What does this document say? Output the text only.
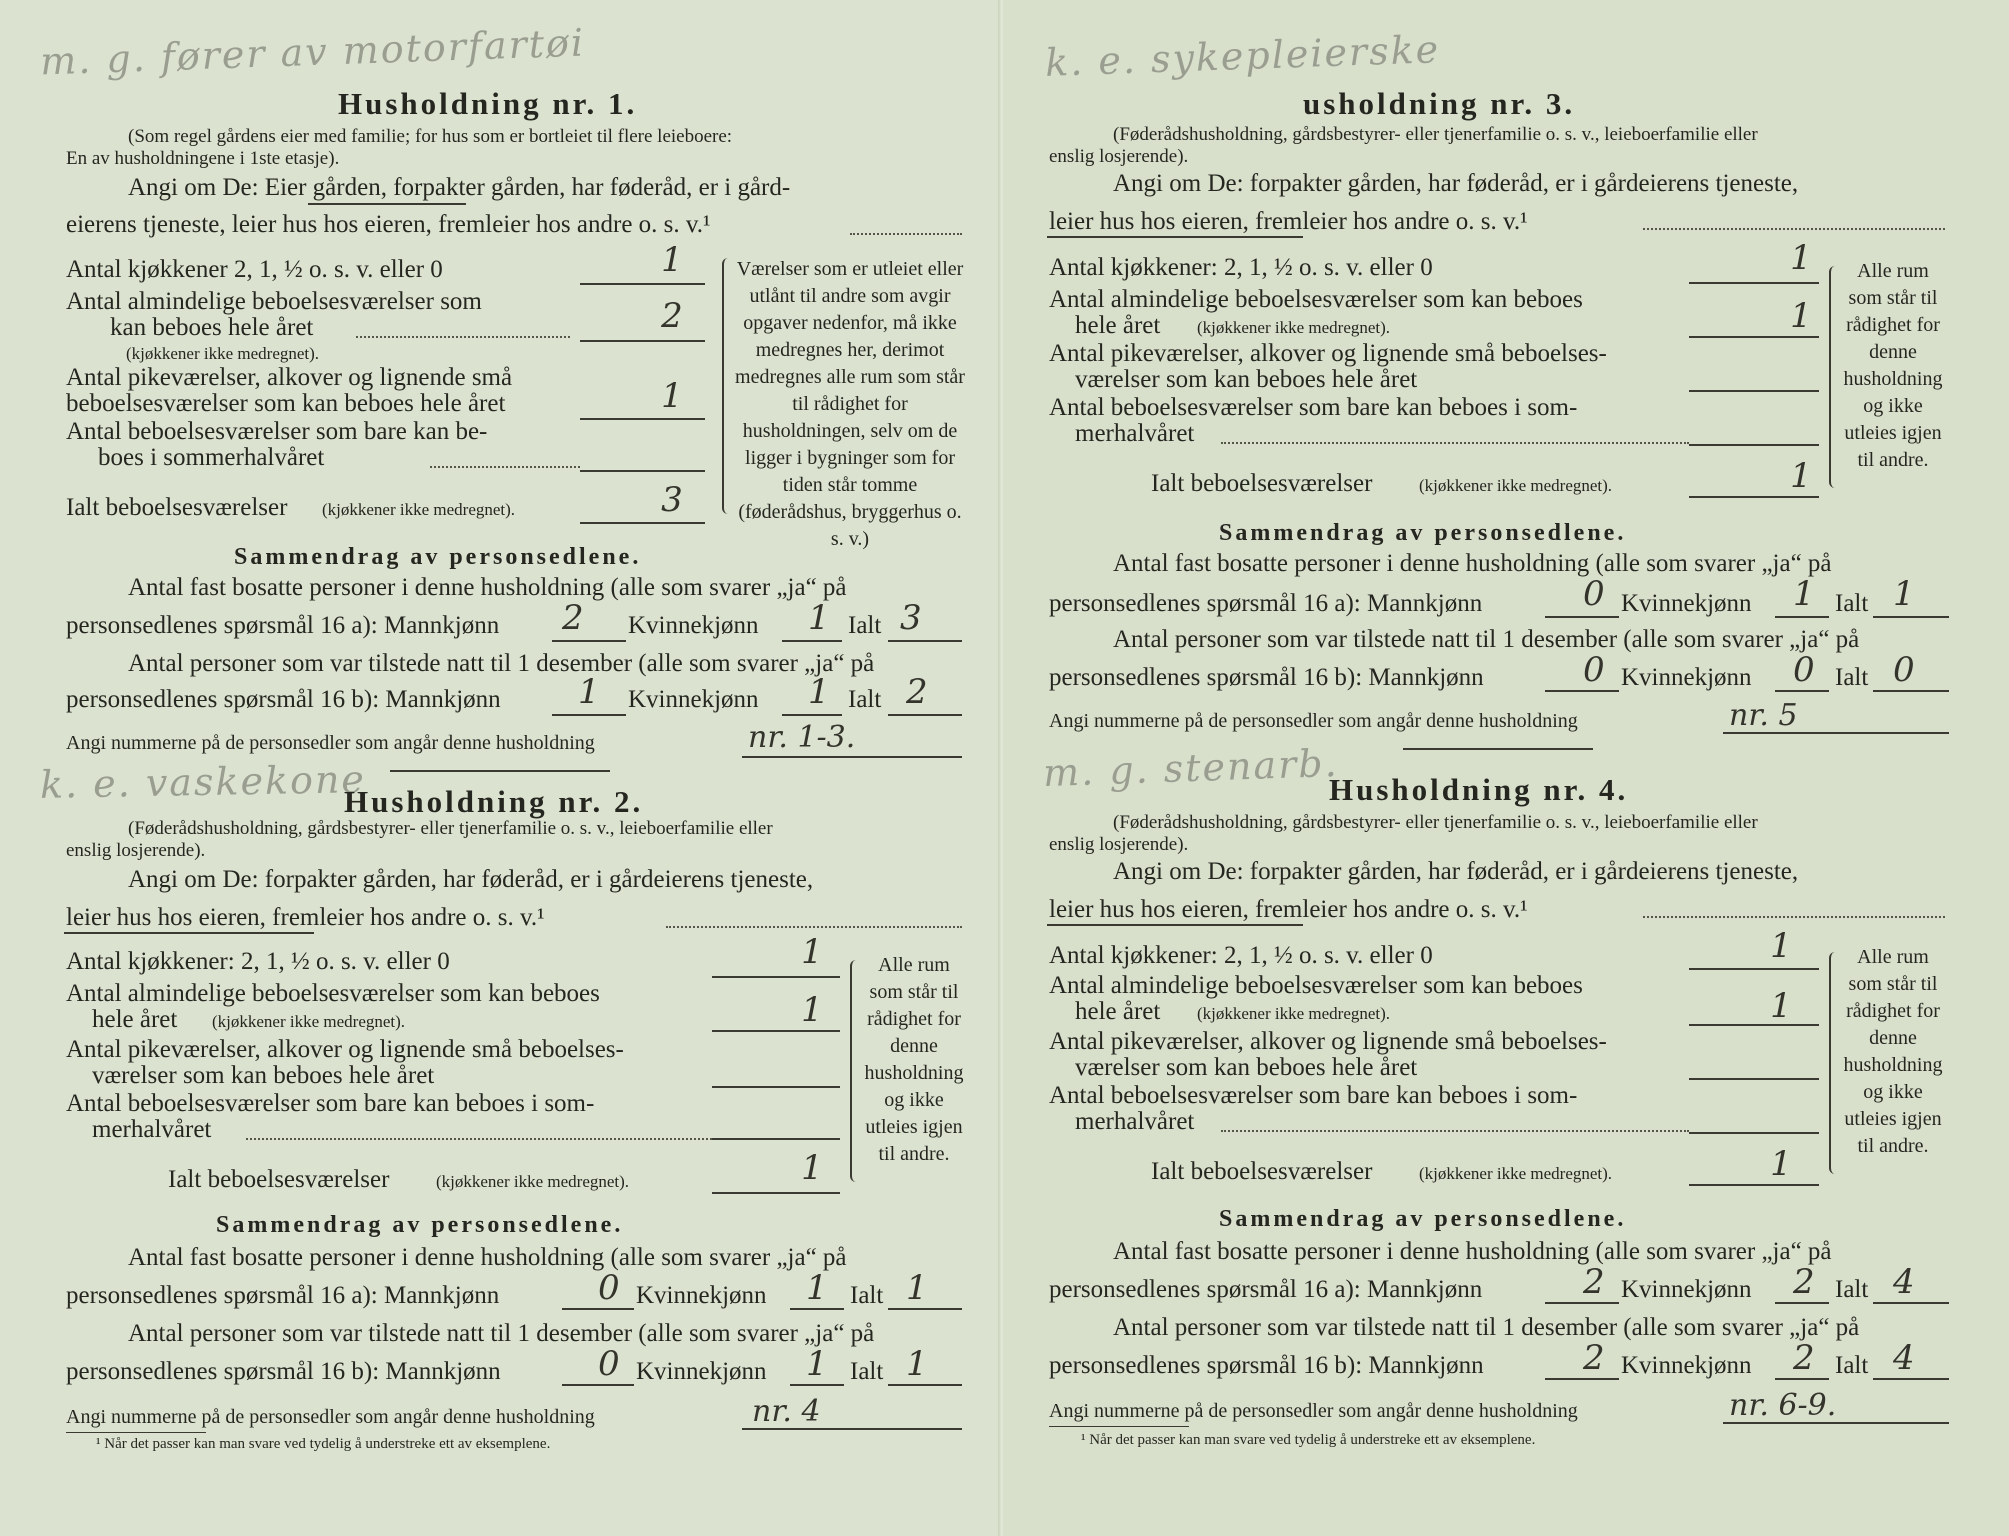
m. g. fører av motorfartøi
Husholdning nr. 1.
(Som regel gårdens eier med familie; for hus som er bortleiet til flere leieboere:
En av husholdningene i 1ste etasje).
Angi om De: Eier gården, forpakter gården, har føderåd, er i gård-
eierens tjeneste, leier hus hos eieren, fremleier hos andre o. s. v.¹
Antal kjøkkener 2, 1, ½ o. s. v. eller 0	1
Antal almindelige beboelsesværelser som
kan beboes hele året
(kjøkkener ikke medregnet).
2
Antal pikeværelser, alkover og lignende små
beboelsesværelser som kan beboes hele året	1
Antal beboelsesværelser som bare kan be-
boes i sommerhalvåret
Ialt beboelsesværelser (kjøkkener ikke medregnet).	3
Værelser som er utleiet eller utlånt til andre som avgir opgaver nedenfor, må ikke medregnes her, derimot medregnes alle rum som står til rådighet for husholdningen, selv om de ligger i bygninger som for tiden står tomme (føderådshus, bryggerhus o. s. v.)
Sammendrag av personsedlene.
Antal fast bosatte personer i denne husholdning (alle som svarer „ja“ på
personsedlenes spørsmål 16 a): Mannkjønn 2 Kvinnekjønn 1 Ialt 3
Antal personer som var tilstede natt til 1 desember (alle som svarer „ja“ på
personsedlenes spørsmål 16 b): Mannkjønn 1 Kvinnekjønn 1 Ialt 2
Angi nummerne på de personsedler som angår denne husholdning	nr. 1-3.
k. e. vaskekone
Husholdning nr. 2.
(Føderådshusholdning, gårdsbestyrer- eller tjenerfamilie o. s. v., leieboerfamilie eller
enslig losjerende).
Angi om De: forpakter gården, har føderåd, er i gårdeierens tjeneste,
leier hus hos eieren, fremleier hos andre o. s. v.¹
Antal kjøkkener: 2, 1, ½ o. s. v. eller 0	1
Antal almindelige beboelsesværelser som kan beboes
hele året (kjøkkener ikke medregnet).	1
Antal pikeværelser, alkover og lignende små beboelses-
værelser som kan beboes hele året
Antal beboelsesværelser som bare kan beboes i som-
merhalvåret
Ialt beboelsesværelser	(kjøkkener ikke medregnet).	1
Alle rum som står til rådighet for denne husholdning og ikke utleies igjen til andre.
Sammendrag av personsedlene.
Antal fast bosatte personer i denne husholdning (alle som svarer „ja“ på
personsedlenes spørsmål 16 a): Mannkjønn	0 Kvinnekjønn 1 Ialt 1
Antal personer som var tilstede natt til 1 desember (alle som svarer „ja“ på
personsedlenes spørsmål 16 b): Mannkjønn	0 Kvinnekjønn 1 Ialt 1
Angi nummerne på de personsedler som angår denne husholdning	nr. 4
¹ Når det passer kan man svare ved tydelig å understreke ett av eksemplene.
k. e. sykepleierske
usholdning nr. 3.
(Føderådshusholdning, gårdsbestyrer- eller tjenerfamilie o. s. v., leieboerfamilie eller
enslig losjerende).
Angi om De: forpakter gården, har føderåd, er i gårdeierens tjeneste,
leier hus hos eieren, fremleier hos andre o. s. v.¹
Antal kjøkkener: 2, 1, ½ o. s. v. eller 0	1
Antal almindelige beboelsesværelser som kan beboes
hele året (kjøkkener ikke medregnet).	1
Antal pikeværelser, alkover og lignende små beboelses-
værelser som kan beboes hele året
Antal beboelsesværelser som bare kan beboes i som-
merhalvåret
Ialt beboelsesværelser	(kjøkkener ikke medregnet).	1
Alle rum som står til rådighet for denne husholdning og ikke utleies igjen til andre.
Sammendrag av personsedlene.
Antal fast bosatte personer i denne husholdning (alle som svarer „ja“ på
personsedlenes spørsmål 16 a): Mannkjønn	0 Kvinnekjønn 1 Ialt 1
Antal personer som var tilstede natt til 1 desember (alle som svarer „ja“ på
personsedlenes spørsmål 16 b): Mannkjønn	0 Kvinnekjønn 0 Ialt 0
Angi nummerne på de personsedler som angår denne husholdning	nr. 5
m. g. stenarb.
Husholdning nr. 4.
(Føderådshusholdning, gårdsbestyrer- eller tjenerfamilie o. s. v., leieboerfamilie eller
enslig losjerende).
Angi om De: forpakter gården, har føderåd, er i gårdeierens tjeneste,
leier hus hos eieren, fremleier hos andre o. s. v.¹
Antal kjøkkener: 2, 1, ½ o. s. v. eller 0	1
Antal almindelige beboelsesværelser som kan beboes
hele året (kjøkkener ikke medregnet).	1
Antal pikeværelser, alkover og lignende små beboelses-
værelser som kan beboes hele året
Antal beboelsesværelser som bare kan beboes i som-
merhalvåret
Ialt beboelsesværelser	(kjøkkener ikke medregnet).	1
Alle rum som står til rådighet for denne husholdning og ikke utleies igjen til andre.
Sammendrag av personsedlene.
Antal fast bosatte personer i denne husholdning (alle som svarer „ja“ på
personsedlenes spørsmål 16 a): Mannkjønn	2 Kvinnekjønn 2 Ialt 4
Antal personer som var tilstede natt til 1 desember (alle som svarer „ja“ på
personsedlenes spørsmål 16 b): Mannkjønn	2 Kvinnekjønn 2 Ialt 4
Angi nummerne på de personsedler som angår denne husholdning	nr. 6-9.
¹ Når det passer kan man svare ved tydelig å understreke ett av eksemplene.
